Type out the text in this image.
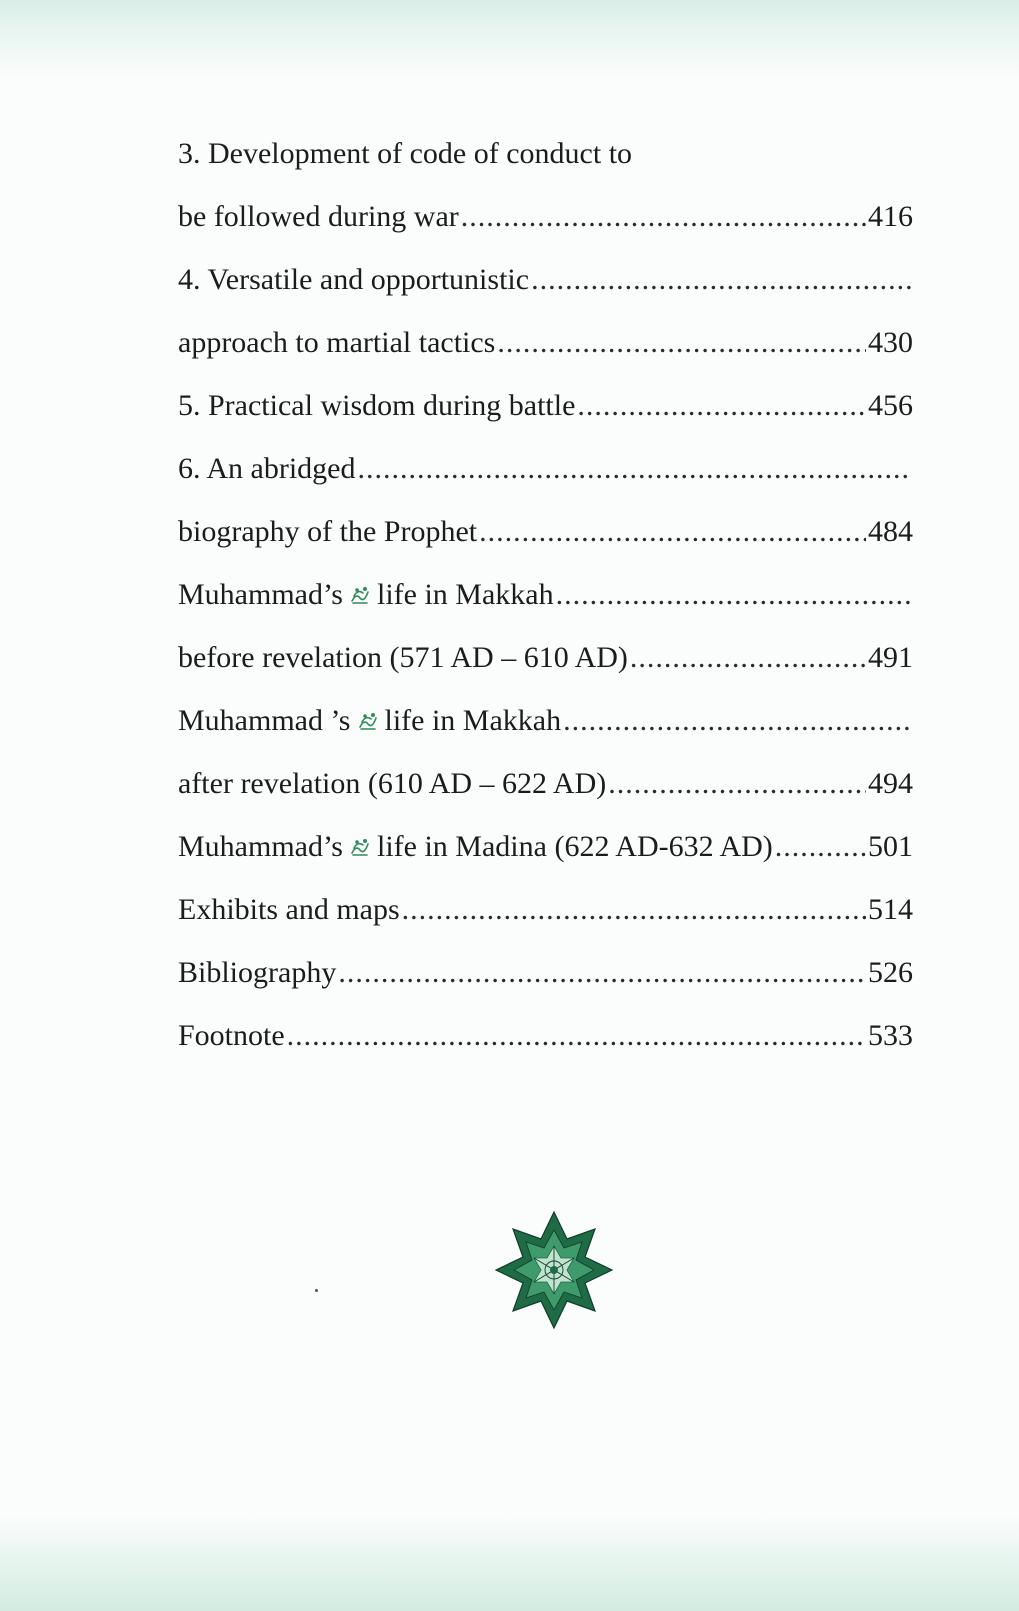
3. Development of code of conduct to
be followed during war .....	416
4. Versatile and opportunistic
.....
approach to martial tactics .....	430
5. Practical wisdom during battle .....	456
6. An abridged
.....
biography of the Prophet .....	484
Muhammad’s life in Makkah
.....
before revelation (571 AD – 610 AD) .....	491
Muhammad ’s life in Makkah
.....
after revelation (610 AD – 622 AD) .....	494
Muhammad’s life in Madina (622 AD-632 AD) .....	501
Exhibits and maps .....	514
Bibliography .....	526
Footnote .....	533
